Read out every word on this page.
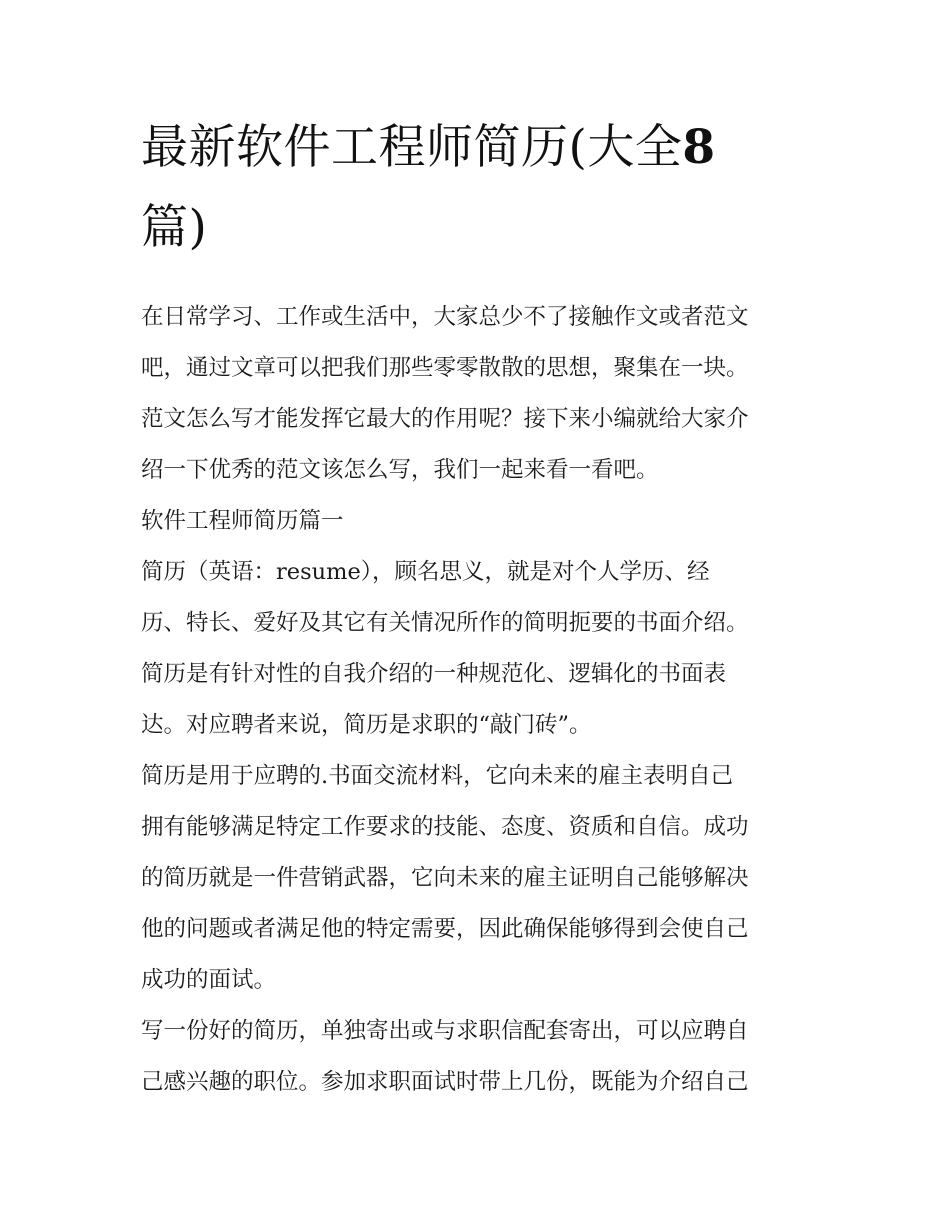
最新软件工程师简历(大全8
篇)
在日常学习、工作或生活中，大家总少不了接触作文或者范文
吧，通过文章可以把我们那些零零散散的思想，聚集在一块。
范文怎么写才能发挥它最大的作用呢？接下来小编就给大家介
绍一下优秀的范文该怎么写，我们一起来看一看吧。
软件工程师简历篇一
简历（英语：resume），顾名思义，就是对个人学历、经
历、特长、爱好及其它有关情况所作的简明扼要的书面介绍。
简历是有针对性的自我介绍的一种规范化、逻辑化的书面表
达。对应聘者来说，简历是求职的“敲门砖”。
简历是用于应聘的.书面交流材料，它向未来的雇主表明自己
拥有能够满足特定工作要求的技能、态度、资质和自信。成功
的简历就是一件营销武器，它向未来的雇主证明自己能够解决
他的问题或者满足他的特定需要，因此确保能够得到会使自己
成功的面试。
写一份好的简历，单独寄出或与求职信配套寄出，可以应聘自
己感兴趣的职位。参加求职面试时带上几份，既能为介绍自己
